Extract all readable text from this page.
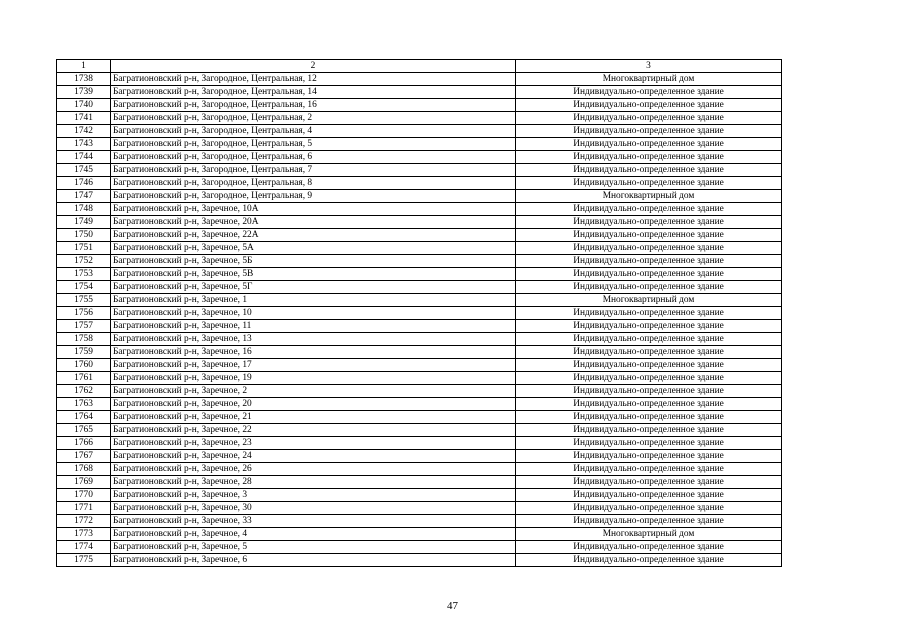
1	2	3
1738	Багратионовский р-н, Загородное, Центральная, 12	Многоквартирный дом
1739	Багратионовский р-н, Загородное, Центральная, 14	Индивидуально-определенное здание
1740	Багратионовский р-н, Загородное, Центральная, 16	Индивидуально-определенное здание
1741	Багратионовский р-н, Загородное, Центральная, 2	Индивидуально-определенное здание
1742	Багратионовский р-н, Загородное, Центральная, 4	Индивидуально-определенное здание
1743	Багратионовский р-н, Загородное, Центральная, 5	Индивидуально-определенное здание
1744	Багратионовский р-н, Загородное, Центральная, 6	Индивидуально-определенное здание
1745	Багратионовский р-н, Загородное, Центральная, 7	Индивидуально-определенное здание
1746	Багратионовский р-н, Загородное, Центральная, 8	Индивидуально-определенное здание
1747	Багратионовский р-н, Загородное, Центральная, 9	Многоквартирный дом
1748	Багратионовский р-н, Заречное, 10А	Индивидуально-определенное здание
1749	Багратионовский р-н, Заречное, 20А	Индивидуально-определенное здание
1750	Багратионовский р-н, Заречное, 22А	Индивидуально-определенное здание
1751	Багратионовский р-н, Заречное, 5А	Индивидуально-определенное здание
1752	Багратионовский р-н, Заречное, 5Б	Индивидуально-определенное здание
1753	Багратионовский р-н, Заречное, 5В	Индивидуально-определенное здание
1754	Багратионовский р-н, Заречное, 5Г	Индивидуально-определенное здание
1755	Багратионовский р-н, Заречное, 1	Многоквартирный дом
1756	Багратионовский р-н, Заречное, 10	Индивидуально-определенное здание
1757	Багратионовский р-н, Заречное, 11	Индивидуально-определенное здание
1758	Багратионовский р-н, Заречное, 13	Индивидуально-определенное здание
1759	Багратионовский р-н, Заречное, 16	Индивидуально-определенное здание
1760	Багратионовский р-н, Заречное, 17	Индивидуально-определенное здание
1761	Багратионовский р-н, Заречное, 19	Индивидуально-определенное здание
1762	Багратионовский р-н, Заречное, 2	Индивидуально-определенное здание
1763	Багратионовский р-н, Заречное, 20	Индивидуально-определенное здание
1764	Багратионовский р-н, Заречное, 21	Индивидуально-определенное здание
1765	Багратионовский р-н, Заречное, 22	Индивидуально-определенное здание
1766	Багратионовский р-н, Заречное, 23	Индивидуально-определенное здание
1767	Багратионовский р-н, Заречное, 24	Индивидуально-определенное здание
1768	Багратионовский р-н, Заречное, 26	Индивидуально-определенное здание
1769	Багратионовский р-н, Заречное, 28	Индивидуально-определенное здание
1770	Багратионовский р-н, Заречное, 3	Индивидуально-определенное здание
1771	Багратионовский р-н, Заречное, 30	Индивидуально-определенное здание
1772	Багратионовский р-н, Заречное, 33	Индивидуально-определенное здание
1773	Багратионовский р-н, Заречное, 4	Многоквартирный дом
1774	Багратионовский р-н, Заречное, 5	Индивидуально-определенное здание
1775	Багратионовский р-н, Заречное, 6	Индивидуально-определенное здание
47
